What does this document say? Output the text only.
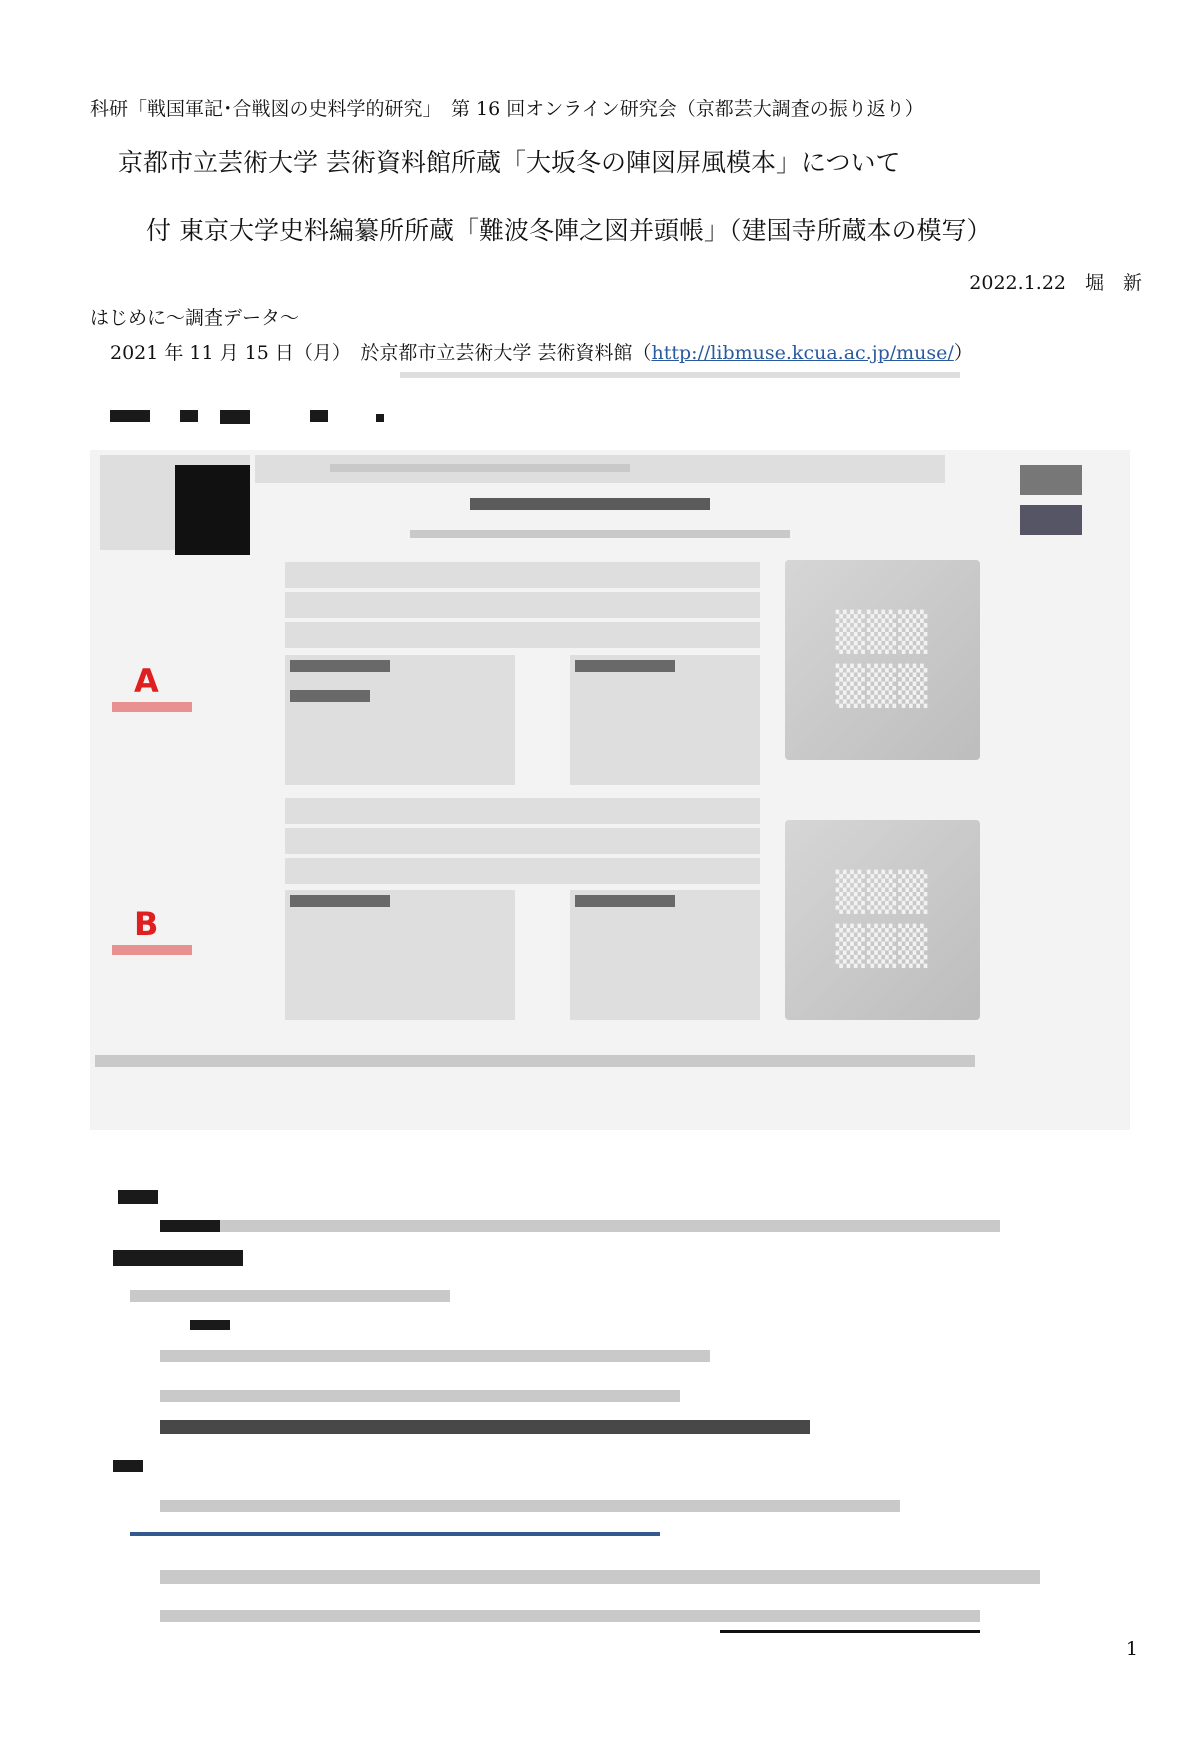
科研「戦国軍記･合戦図の史料学的研究」　第 16 回オンライン研究会（京都芸大調査の振り返り）
京都市立芸術大学 芸術資料館所蔵「大坂冬の陣図屏風模本」について
付 東京大学史料編纂所所蔵「難波冬陣之図并頭帳」（建国寺所蔵本の模写）
2022.1.22　堀　新
はじめに～調査データ～
2021 年 11 月 15 日（月）　於京都市立芸術大学 芸術資料館（http://libmuse.kcua.ac.jp/muse/）
▒▒▒
▒▒▒
A
▒▒▒
▒▒▒
B
1
